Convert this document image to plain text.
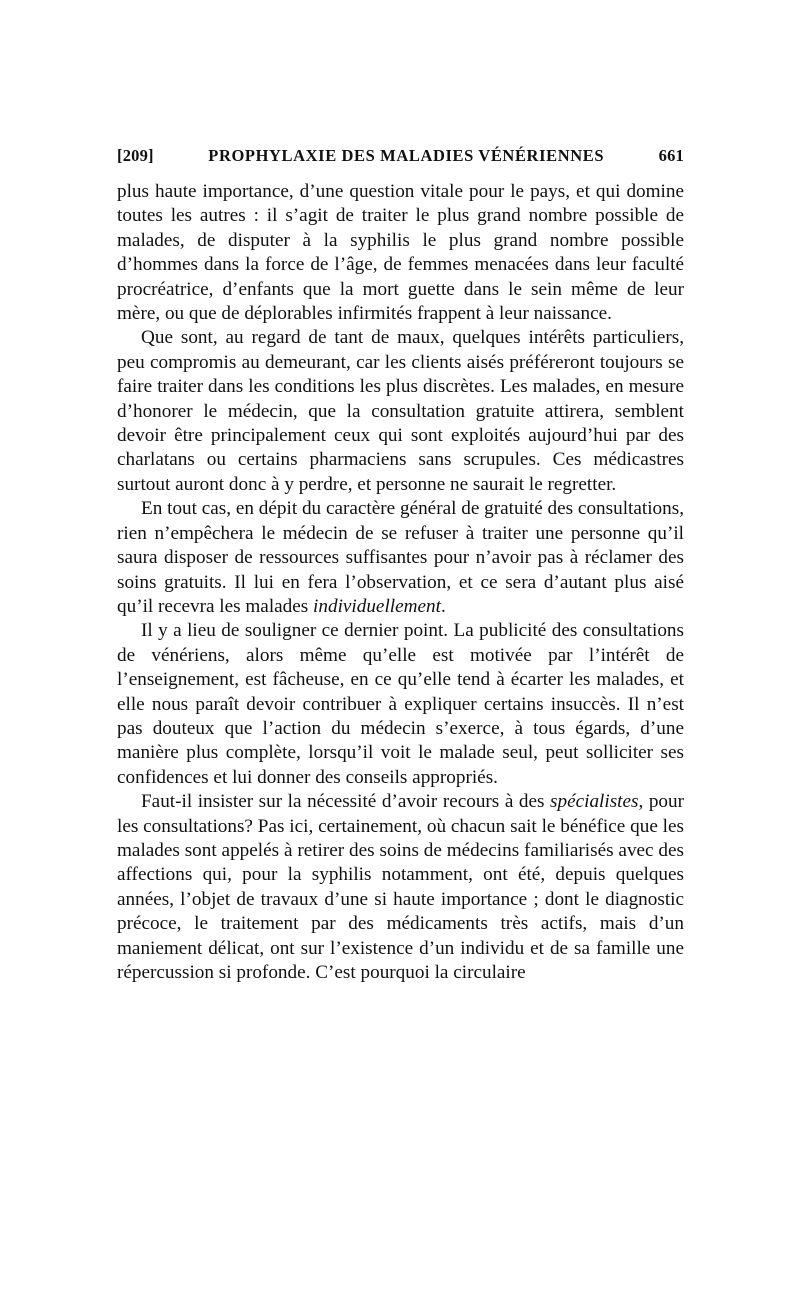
[209]	PROPHYLAXIE DES MALADIES VÉNÉRIENNES	661

plus haute importance, d’une question vitale pour le pays, et qui domine toutes les autres : il s’agit de traiter le plus grand nombre possible de malades, de disputer à la syphilis le plus grand nombre possible d’hommes dans la force de l’âge, de femmes menacées dans leur faculté procréatrice, d’enfants que la mort guette dans le sein même de leur mère, ou que de déplorables infirmités frappent à leur naissance.

Que sont, au regard de tant de maux, quelques intérêts particuliers, peu compromis au demeurant, car les clients aisés préféreront toujours se faire traiter dans les conditions les plus discrètes. Les malades, en mesure d’honorer le médecin, que la consultation gratuite attirera, semblent devoir être principalement ceux qui sont exploités aujourd’hui par des charlatans ou certains pharmaciens sans scrupules. Ces médicastres surtout auront donc à y perdre, et personne ne saurait le regretter.

En tout cas, en dépit du caractère général de gratuité des consultations, rien n’empêchera le médecin de se refuser à traiter une personne qu’il saura disposer de ressources suffisantes pour n’avoir pas à réclamer des soins gratuits. Il lui en fera l’observation, et ce sera d’autant plus aisé qu’il recevra les malades individuellement.

Il y a lieu de souligner ce dernier point. La publicité des consultations de vénériens, alors même qu’elle est motivée par l’intérêt de l’enseignement, est fâcheuse, en ce qu’elle tend à écarter les malades, et elle nous paraît devoir contribuer à expliquer certains insuccès. Il n’est pas douteux que l’action du médecin s’exerce, à tous égards, d’une manière plus complète, lorsqu’il voit le malade seul, peut solliciter ses confidences et lui donner des conseils appropriés.

Faut-il insister sur la nécessité d’avoir recours à des spécialistes, pour les consultations? Pas ici, certainement, où chacun sait le bénéfice que les malades sont appelés à retirer des soins de médecins familiarisés avec des affections qui, pour la syphilis notamment, ont été, depuis quelques années, l’objet de travaux d’une si haute importance ; dont le diagnostic précoce, le traitement par des médicaments très actifs, mais d’un maniement délicat, ont sur l’existence d’un individu et de sa famille une répercussion si profonde. C’est pourquoi la circulaire
